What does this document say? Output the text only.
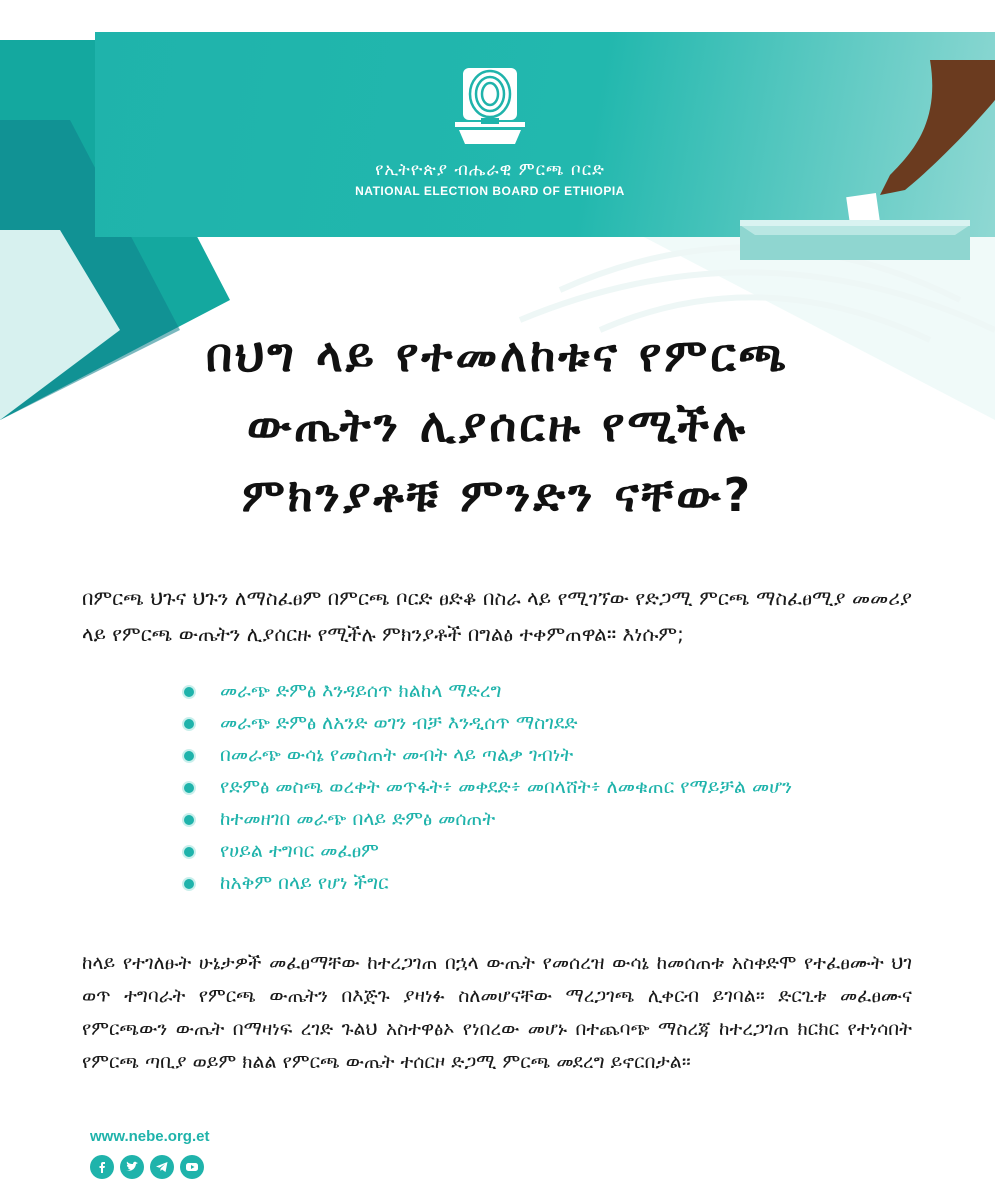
የኢትዮጵያ ብሔራዊ ምርጫ ቦርድ
NATIONAL ELECTION BOARD OF ETHIOPIA
በህግ ላይ የተመለከቱና የምርጫ
ውጤትን ሊያሰርዙ የሚችሉ
ምክንያቶቹ ምንድን ናቸው?

በምርጫ ህጉና ህጉን ለማስፈፀም በምርጫ ቦርድ ፀድቆ በስራ ላይ የሚገኘው የድጋሚ ምርጫ ማስፈፀሚያ መመሪያ ላይ የምርጫ ውጤትን ሊያሰርዙ የሚችሉ ምክንያቶች በግልፅ ተቀምጠዋል። እነሱም;

መራጭ ድምፅ እንዳይሰጥ ክልከላ ማድረግ
መራጭ ድምፅ ለአንድ ወገን ብቻ እንዲሰጥ ማስገደድ
በመራጭ ውሳኔ የመስጠት መብት ላይ ጣልቃ ገብነት
የድምፅ መስጫ ወረቀት መጥፋት፥ መቀደድ፥ መበላሸት፥ ለመቁጠር የማይቻል መሆን
ከተመዘገበ መራጭ በላይ ድምፅ መሰጠት
የሀይል ተግባር መፈፀም
ከአቅም በላይ የሆነ ችግር

ከላይ የተገለፁት ሁኔታዎች መፈፀማቸው ከተረጋገጠ በኋላ ውጤት የመሰረዝ ውሳኔ ከመሰጠቱ አስቀድሞ የተፈፀሙት ህገ ወጥ ተግባራት የምርጫ ውጤትን በእጅጉ ያዛነፉ ስለመሆናቸው ማረጋገጫ ሊቀርብ ይገባል። ድርጊቱ መፈፀሙና የምርጫውን ውጤት በማዛነፍ ረገድ ጉልህ አስተዋፅኦ የነበረው መሆኑ በተጨባጭ ማስረጃ ከተረጋገጠ ክርክር የተነሳበት የምርጫ ጣቢያ ወይም ክልል የምርጫ ውጤት ተሰርዞ ድጋሚ ምርጫ መደረግ ይኖርበታል።

www.nebe.org.et
